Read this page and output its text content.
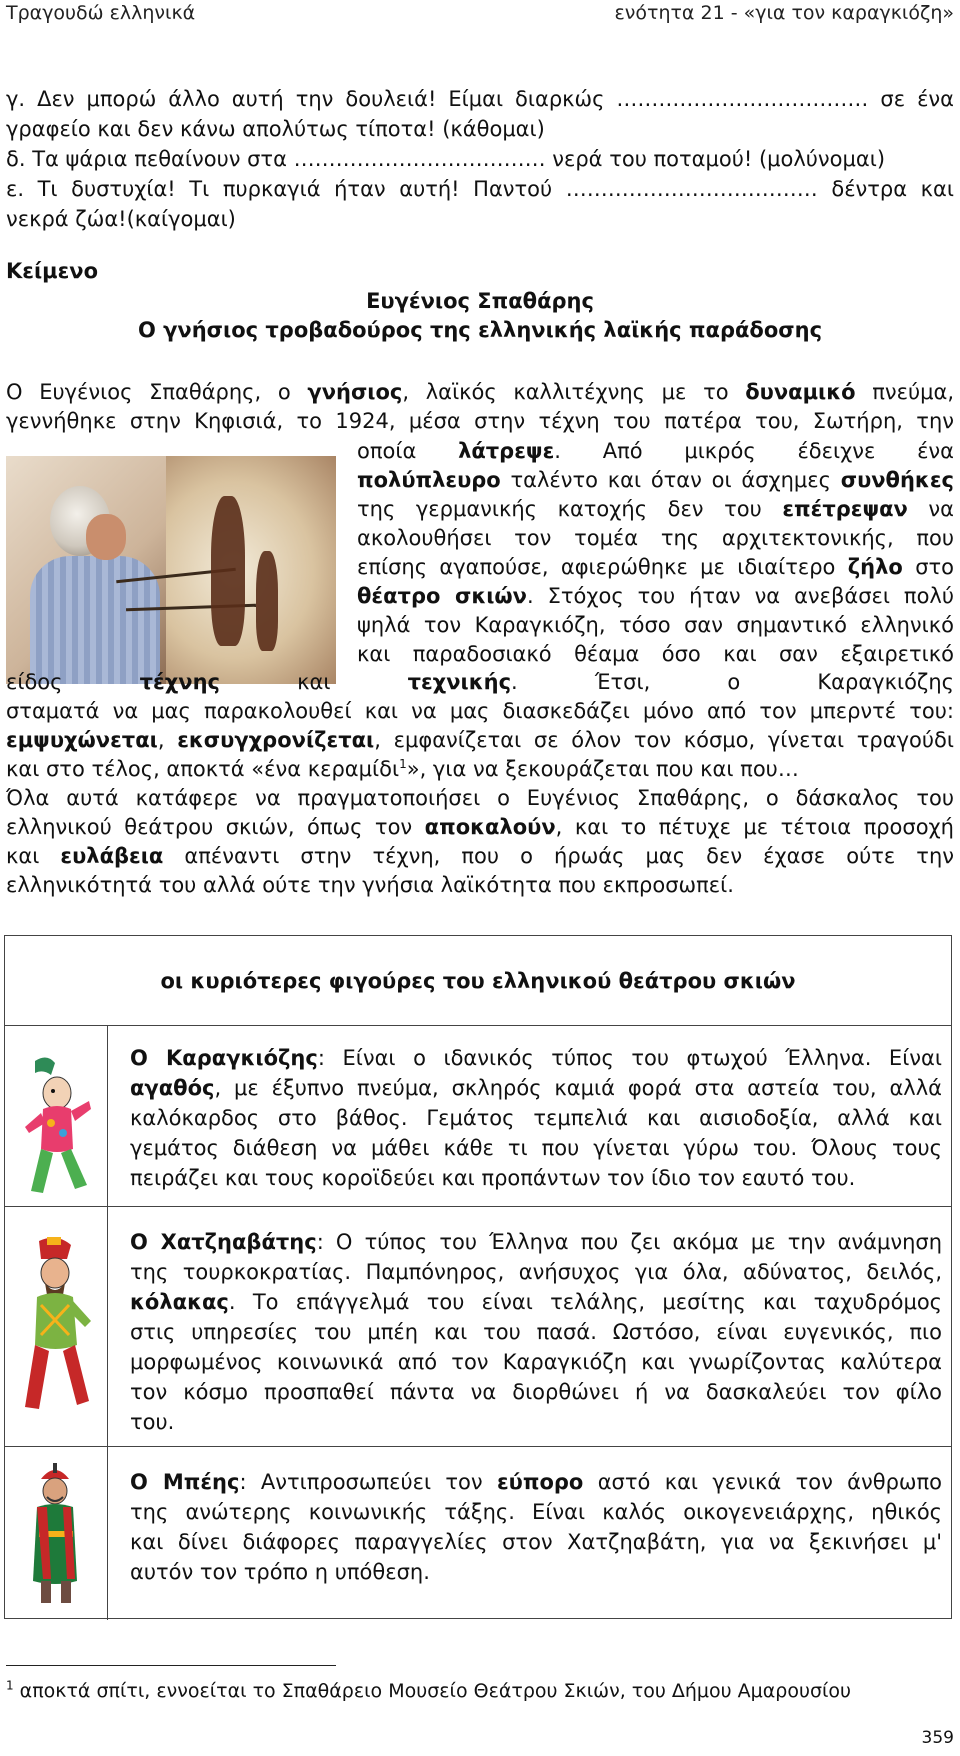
Τραγουδώ ελληνικά	ενότητα 21 - «για τον καραγκιόζη»
γ. Δεν μπορώ άλλο αυτή την δουλειά! Είμαι διαρκώς ……………………………… σε ένα
γραφείο και δεν κάνω απολύτως τίποτα! (κάθομαι)
δ. Τα ψάρια πεθαίνουν στα ……………………………… νερά του ποταμού! (μολύνομαι)
ε. Τι δυστυχία! Τι πυρκαγιά ήταν αυτή! Παντού ……………………………… δέντρα και
νεκρά ζώα!(καίγομαι)
Κείμενο
Ευγένιος Σπαθάρης
Ο γνήσιος τροβαδούρος της ελληνικής λαϊκής παράδοσης
Ο Ευγένιος Σπαθάρης, ο γνήσιος, λαϊκός καλλιτέχνης με το δυναμικό πνεύμα,
γεννήθηκε στην Κηφισιά, το 1924, μέσα στην τέχνη του πατέρα του, Σωτήρη, την
οποία λάτρεψε. Από μικρός έδειχνε ένα
πολύπλευρο ταλέντο και όταν οι άσχημες συνθήκες
της γερμανικής κατοχής δεν του επέτρεψαν να
ακολουθήσει τον τομέα της αρχιτεκτονικής, που
επίσης αγαπούσε, αφιερώθηκε με ιδιαίτερο ζήλο στο
θέατρο σκιών. Στόχος του ήταν να ανεβάσει πολύ
ψηλά τον Καραγκιόζη, τόσο σαν σημαντικό ελληνικό
και παραδοσιακό θέαμα όσο και σαν εξαιρετικό
είδος τέχνης και τεχνικής. Έτσι, ο Καραγκιόζης
σταματά να μας παρακολουθεί και να μας διασκεδάζει μόνο από τον μπερντέ του:
εμψυχώνεται, εκσυγχρονίζεται, εμφανίζεται σε όλον τον κόσμο, γίνεται τραγούδι
και στο τέλος, αποκτά «ένα κεραμίδι$^1$», για να ξεκουράζεται που και που…
Όλα αυτά κατάφερε να πραγματοποιήσει ο Ευγένιος Σπαθάρης, ο δάσκαλος του
ελληνικού θεάτρου σκιών, όπως τον αποκαλούν, και το πέτυχε με τέτοια προσοχή
και ευλάβεια απέναντι στην τέχνη, που ο ήρωάς μας δεν έχασε ούτε την
ελληνικότητά του αλλά ούτε την γνήσια λαϊκότητα που εκπροσωπεί.
οι κυριότερες φιγούρες του ελληνικού θεάτρου σκιών
Ο Καραγκιόζης: Είναι ο ιδανικός τύπος του φτωχού Έλληνα. Είναι
αγαθός, με έξυπνο πνεύμα, σκληρός καμιά φορά στα αστεία του, αλλά
καλόκαρδος στο βάθος. Γεμάτος τεμπελιά και αισιοδοξία, αλλά και
γεμάτος διάθεση να μάθει κάθε τι που γίνεται γύρω του. Όλους τους
πειράζει και τους κοροϊδεύει και προπάντων τον ίδιο τον εαυτό του.
Ο Χατζηαβάτης: Ο τύπος του Έλληνα που ζει ακόμα με την ανάμνηση
της τουρκοκρατίας. Παμπόνηρος, ανήσυχος για όλα, αδύνατος, δειλός,
κόλακας. Το επάγγελμά του είναι τελάλης, μεσίτης και ταχυδρόμος
στις υπηρεσίες του μπέη και του πασά. Ωστόσο, είναι ευγενικός, πιο
μορφωμένος κοινωνικά από τον Καραγκιόζη και γνωρίζοντας καλύτερα
τον κόσμο προσπαθεί πάντα να διορθώνει ή να δασκαλεύει τον φίλο
του.
Ο Μπέης: Αντιπροσωπεύει τον εύπορο αστό και γενικά τον άνθρωπο
της ανώτερης κοινωνικής τάξης. Είναι καλός οικογενειάρχης, ηθικός
και δίνει διάφορες παραγγελίες στον Χατζηαβάτη, για να ξεκινήσει μ'
αυτόν τον τρόπο η υπόθεση.
$^1$ αποκτά σπίτι, εννοείται το Σπαθάρειο Μουσείο Θεάτρου Σκιών, του Δήμου Αμαρουσίου
359
